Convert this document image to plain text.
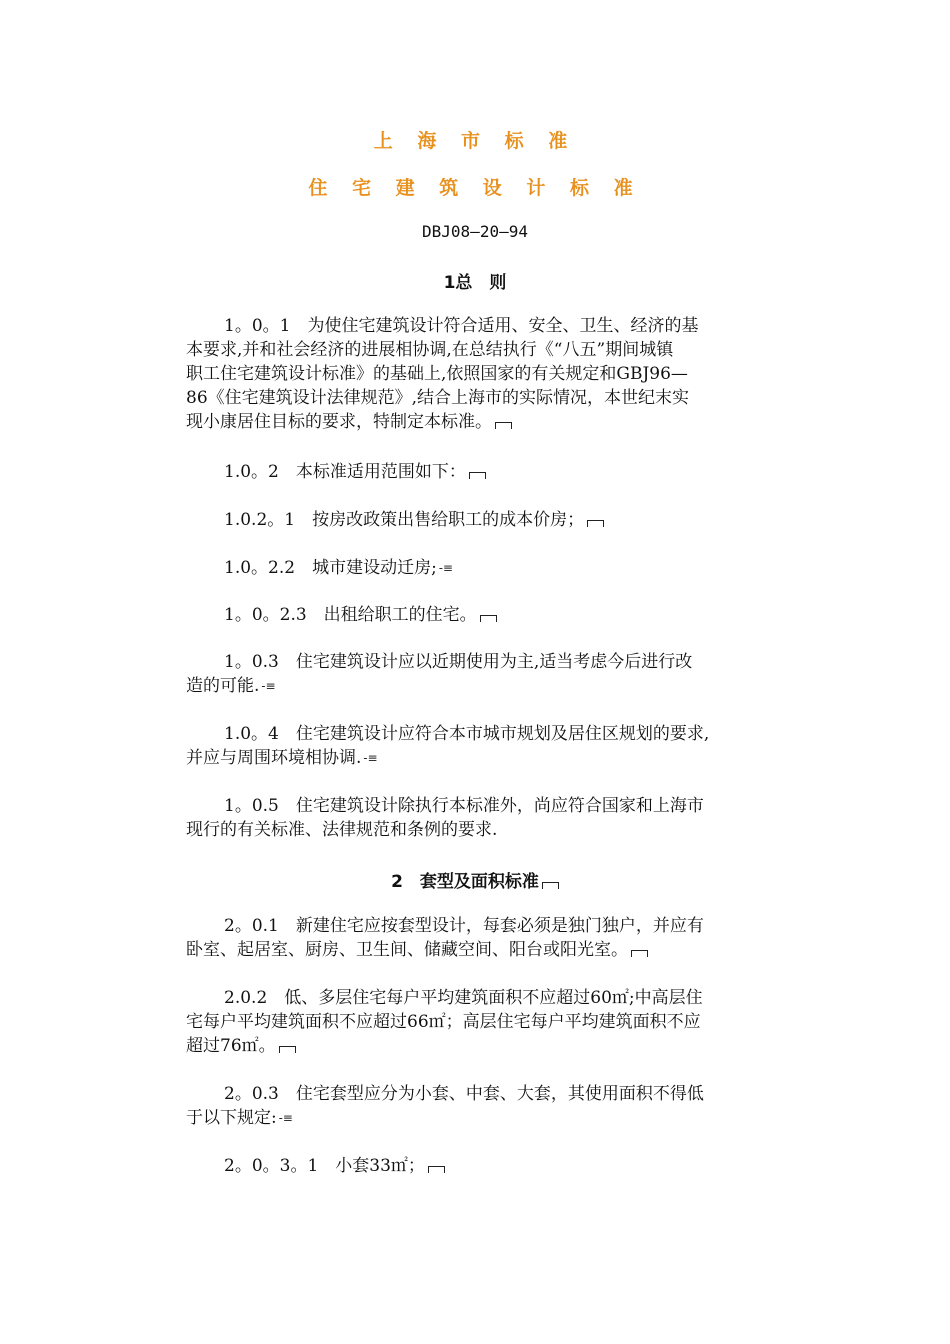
上 海 市 标 准
住 宅 建 筑 设 计 标 准
DBJ08—20—94
1总　则
1。0。1　为使住宅建筑设计符合适用、安全、卫生、经济的基
本要求,并和社会经济的进展相协调,在总结执行《“八五”期间城镇
职工住宅建筑设计标准》的基础上,依照国家的有关规定和GBJ96—
86《住宅建筑设计法律规范》,结合上海市的实际情况，本世纪末实
现小康居住目标的要求，特制定本标准。
1.0。2　本标准适用范围如下：
1.0.2。1　按房改政策出售给职工的成本价房；
1.0。2.2　城市建设动迁房; -≡
1。0。2.3　出租给职工的住宅。
1。0.3　住宅建筑设计应以近期使用为主,适当考虑今后进行改
造的可能. -≡
1.0。4　住宅建筑设计应符合本市城市规划及居住区规划的要求,
并应与周围环境相协调. -≡
1。0.5　住宅建筑设计除执行本标准外，尚应符合国家和上海市
现行的有关标准、法律规范和条例的要求.
2　套型及面积标准
2。0.1　新建住宅应按套型设计，每套必须是独门独户，并应有
卧室、起居室、厨房、卫生间、储藏空间、阳台或阳光室。
2.0.2　低、多层住宅每户平均建筑面积不应超过60㎡;中高层住
宅每户平均建筑面积不应超过66㎡；高层住宅每户平均建筑面积不应
超过76㎡。
2。0.3　住宅套型应分为小套、中套、大套，其使用面积不得低
于以下规定: -≡
2。0。3。1　小套33㎡；
